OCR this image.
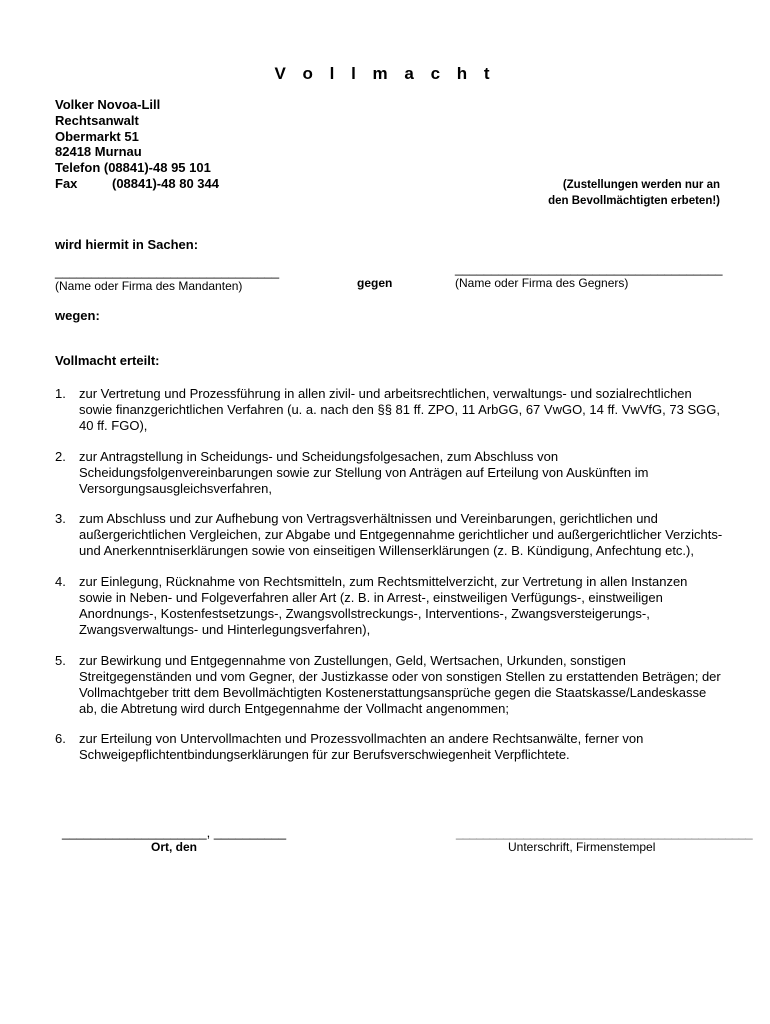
V o l l m a c h t
Volker Novoa-Lill
Rechtsanwalt
Obermarkt 51
82418 Murnau
Telefon (08841)-48 95 101
Fax	(08841)-48 80 344	(Zustellungen werden nur an
den Bevollmächtigten erbeten!)
wird hiermit in Sachen:
_______________________________
(Name oder Firma des Mandanten)	gegen
_____________________________________
(Name oder Firma des Gegners)
wegen:
Vollmacht erteilt:
1.	zur Vertretung und Prozessführung in allen zivil- und arbeitsrechtlichen, verwaltungs- und sozialrechtlichen sowie finanzgerichtlichen Verfahren (u. a. nach den §§ 81 ff. ZPO, 11 ArbGG, 67 VwGO, 14 ff. VwVfG, 73 SGG, 40 ff. FGO),
2.	zur Antragstellung in Scheidungs- und Scheidungsfolgesachen, zum Abschluss von Scheidungsfolgenvereinbarungen sowie zur Stellung von Anträgen auf Erteilung von Auskünften im Versorgungsausgleichsverfahren,
3.	zum Abschluss und zur Aufhebung von Vertragsverhältnissen und Vereinbarungen, gerichtlichen und außergerichtlichen Vergleichen, zur Abgabe und Entgegennahme gerichtlicher und außergerichtlicher Verzichts- und Anerkenntniserklärungen sowie von einseitigen Willenserklärungen (z. B. Kündigung, Anfechtung etc.),
4.	zur Einlegung, Rücknahme von Rechtsmitteln, zum Rechtsmittelverzicht, zur Vertretung in allen Instanzen sowie in Neben- und Folgeverfahren aller Art (z. B. in Arrest-, einstweiligen Verfügungs-, einstweiligen Anordnungs-, Kostenfestsetzungs-, Zwangsvollstreckungs-, Interventions-, Zwangsversteigerungs-, Zwangsverwaltungs- und Hinterlegungsverfahren),
5.	zur Bewirkung und Entgegennahme von Zustellungen, Geld, Wertsachen, Urkunden, sonstigen Streitgegenständen und vom Gegner, der Justizkasse oder von sonstigen Stellen zu erstattenden Beträgen; der Vollmachtgeber tritt dem Bevollmächtigten Kostenerstattungsansprüche gegen die Staatskasse/Landeskasse ab, die Abtretung wird durch Entgegennahme der Vollmacht angenommen;
6.	zur Erteilung von Untervollmachten und Prozessvollmachten an andere Rechtsanwälte, ferner von Schweigepflichtentbindungserklärungen für zur Berufsverschwiegenheit Verpflichtete.
____________________, __________
Ort, den
____________________________________________
Unterschrift, Firmenstempel
